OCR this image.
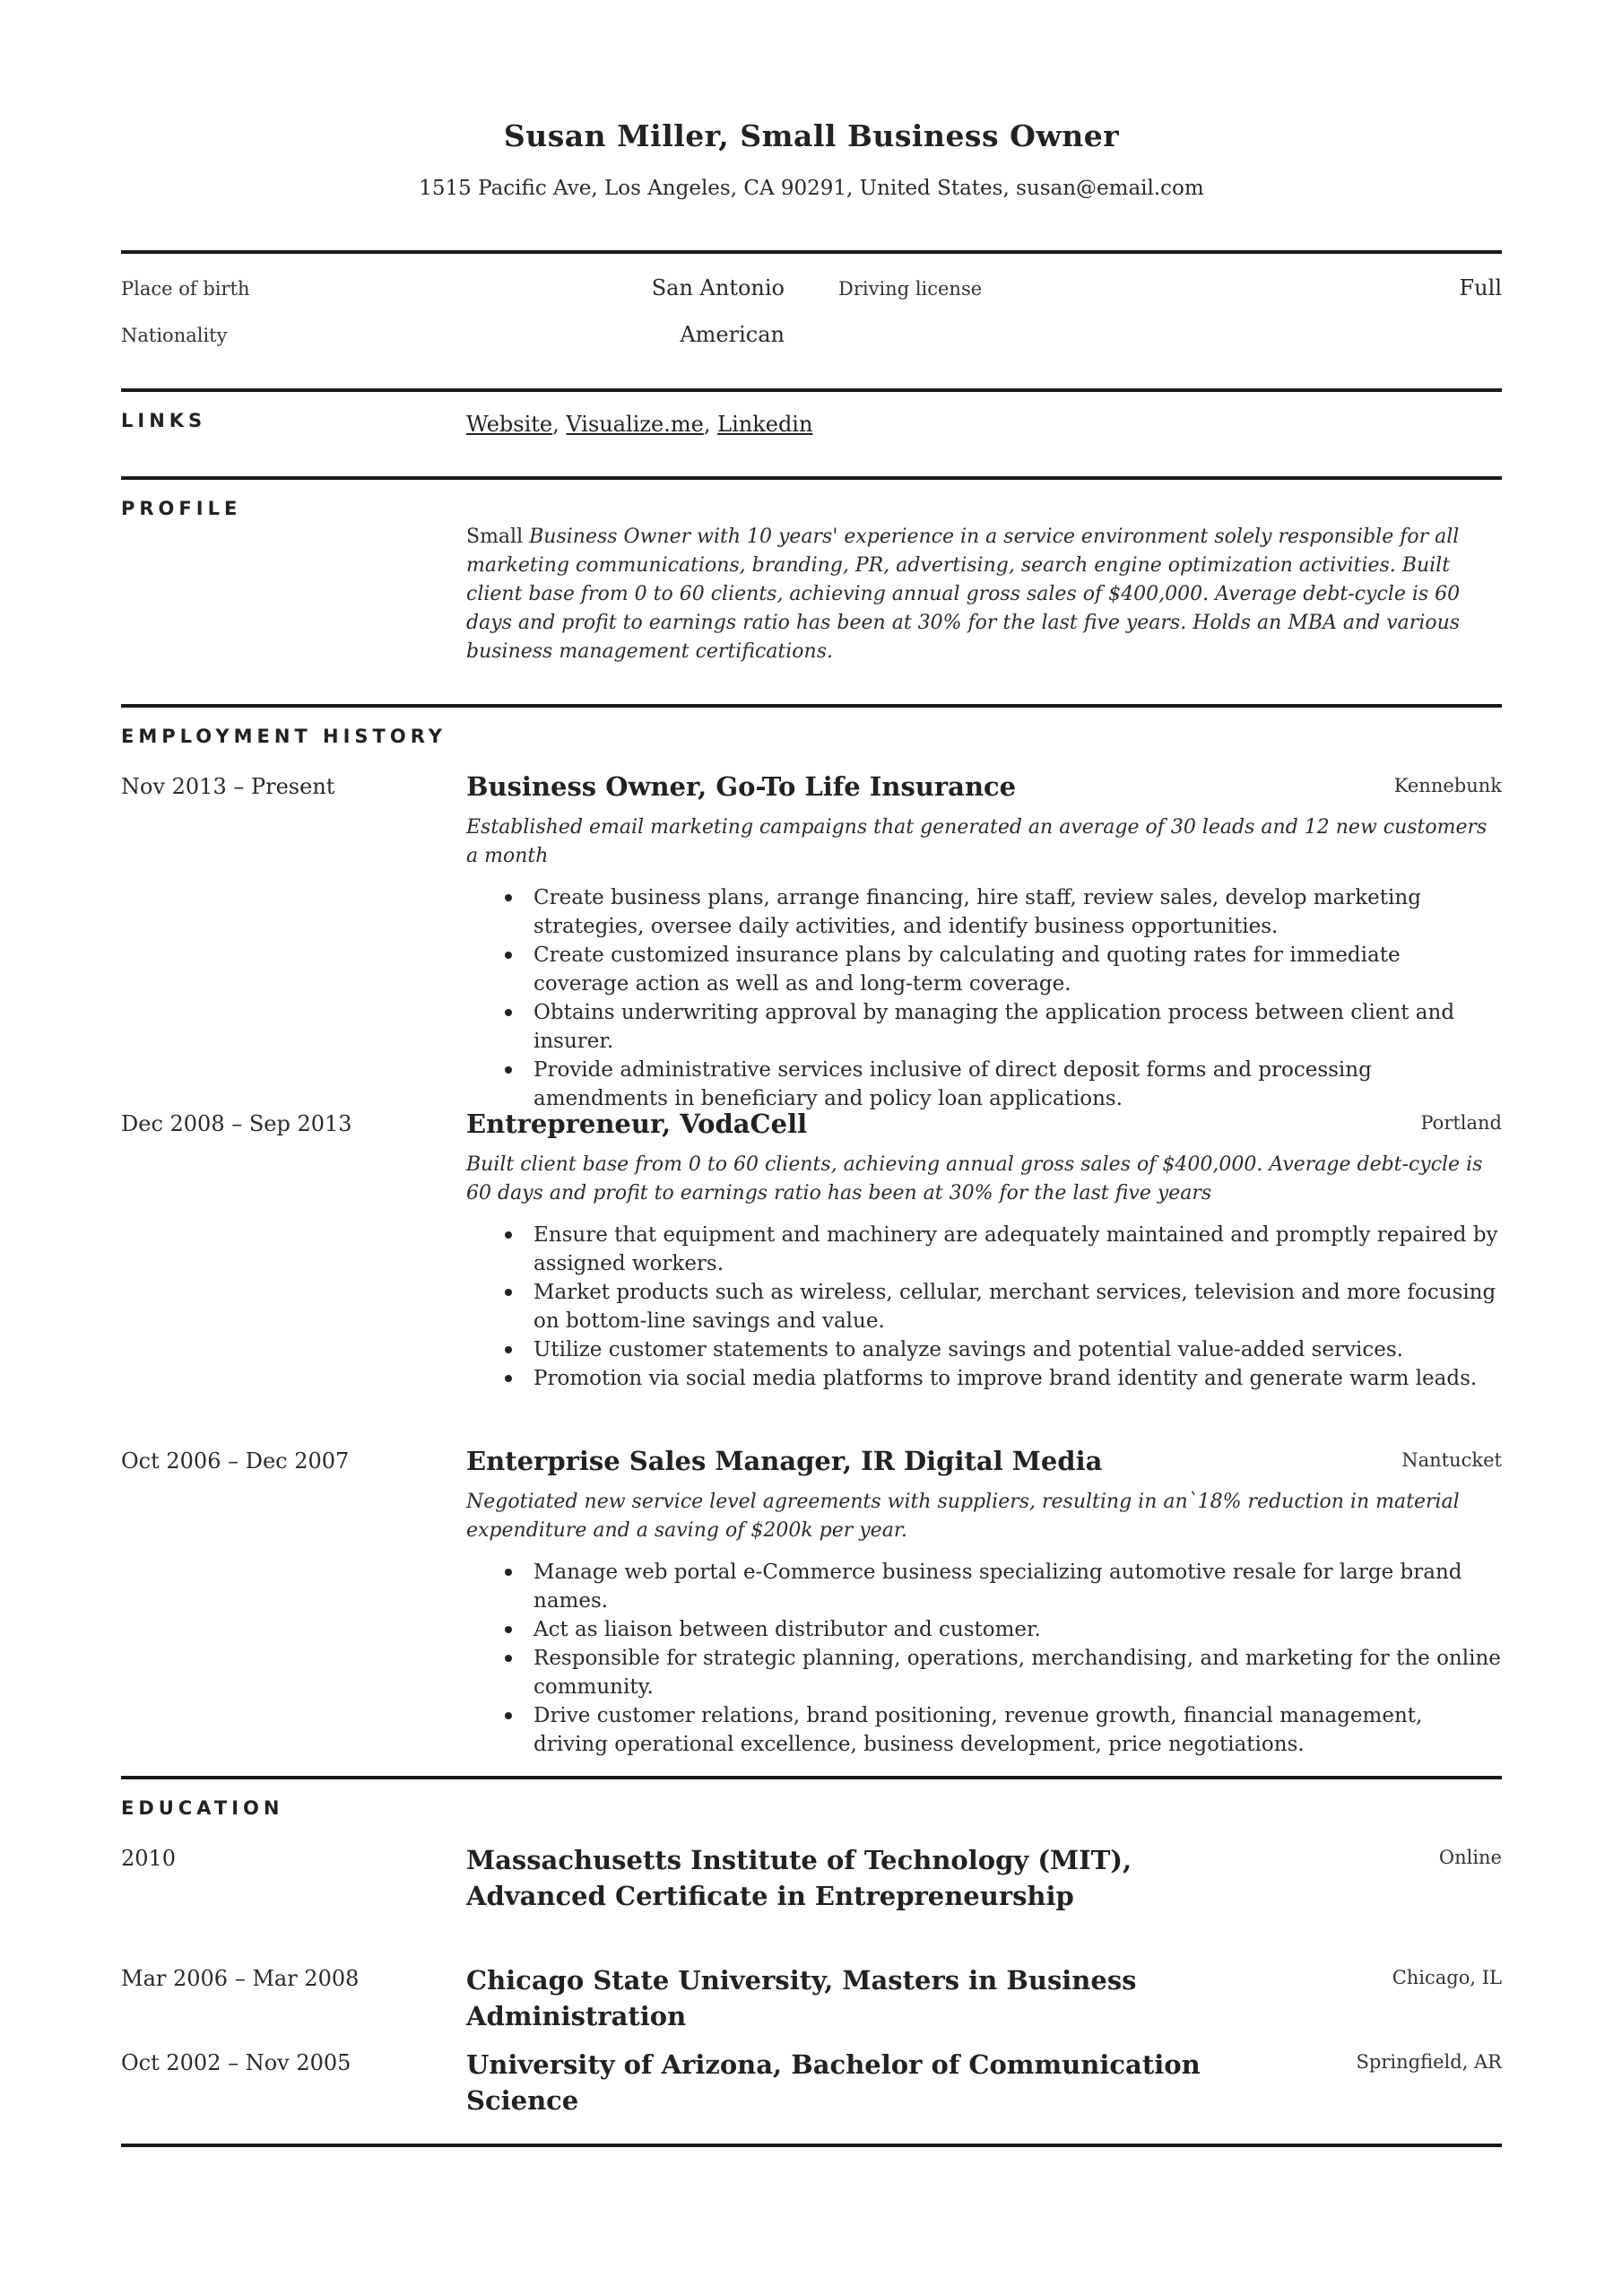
Susan Miller, Small Business Owner
1515 Pacific Ave, Los Angeles, CA 90291, United States, susan@email.com
Place of birth	San Antonio
Nationality	American
Driving license	Full
LINKS	Website, Visualize.me, Linkedin
PROFILE
Small Business Owner with 10 years' experience in a service environment solely responsible for all marketing communications, branding, PR, advertising, search engine optimization activities. Built client base from 0 to 60 clients, achieving annual gross sales of $400,000. Average debt-cycle is 60 days and profit to earnings ratio has been at 30% for the last five years. Holds an MBA and various business management certifications.
EMPLOYMENT HISTORY
Nov 2013 – Present	Kennebunk
Business Owner, Go-To Life Insurance
Established email marketing campaigns that generated an average of 30 leads and 12 new customers a month
Create business plans, arrange financing, hire staff, review sales, develop marketing strategies, oversee daily activities, and identify business opportunities.
Create customized insurance plans by calculating and quoting rates for immediate coverage action as well as and long-term coverage.
Obtains underwriting approval by managing the application process between client and insurer.
Provide administrative services inclusive of direct deposit forms and processing amendments in beneficiary and policy loan applications.
Dec 2008 – Sep 2013	Portland
Entrepreneur, VodaCell
Built client base from 0 to 60 clients, achieving annual gross sales of $400,000. Average debt-cycle is 60 days and profit to earnings ratio has been at 30% for the last five years
Ensure that equipment and machinery are adequately maintained and promptly repaired by assigned workers.
Market products such as wireless, cellular, merchant services, television and more focusing on bottom-line savings and value.
Utilize customer statements to analyze savings and potential value-added services.
Promotion via social media platforms to improve brand identity and generate warm leads.
Oct 2006 – Dec 2007	Nantucket
Enterprise Sales Manager, IR Digital Media
Negotiated new service level agreements with suppliers, resulting in an`18% reduction in material expenditure and a saving of $200k per year.
Manage web portal e-Commerce business specializing automotive resale for large brand names.
Act as liaison between distributor and customer.
Responsible for strategic planning, operations, merchandising, and marketing for the online community.
Drive customer relations, brand positioning, revenue growth, financial management, driving operational excellence, business development, price negotiations.
EDUCATION
2010	Online
Massachusetts Institute of Technology (MIT), Advanced Certificate in Entrepreneurship
Mar 2006 – Mar 2008	Chicago, IL
Chicago State University, Masters in Business Administration
Oct 2002 – Nov 2005	Springfield, AR
University of Arizona, Bachelor of Communication Science
